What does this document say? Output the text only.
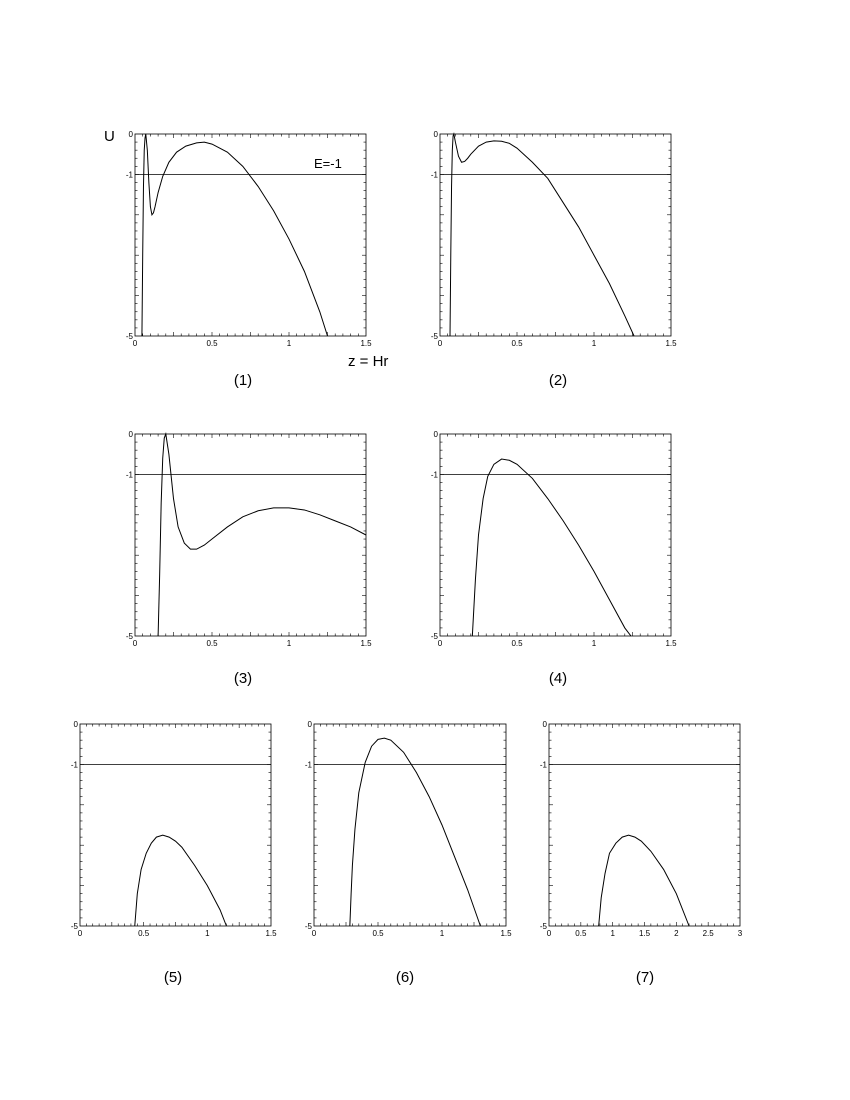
0	0.5	1	1.5
0
-1
-5
(1)
U
z = Hr
E=-1
0	0.5	1	1.5
0
-1
-5
(2)
0	0.5	1	1.5
0
-1
-5
(3)
0	0.5	1	1.5
0
-1
-5
(4)
0	0.5	1	1.5
0
-1
-5
(5)
0	0.5	1	1.5
0
-1
-5
(6)
0	0.5	1	1.5	2	2.5	3
0
-1
-5
(7)
